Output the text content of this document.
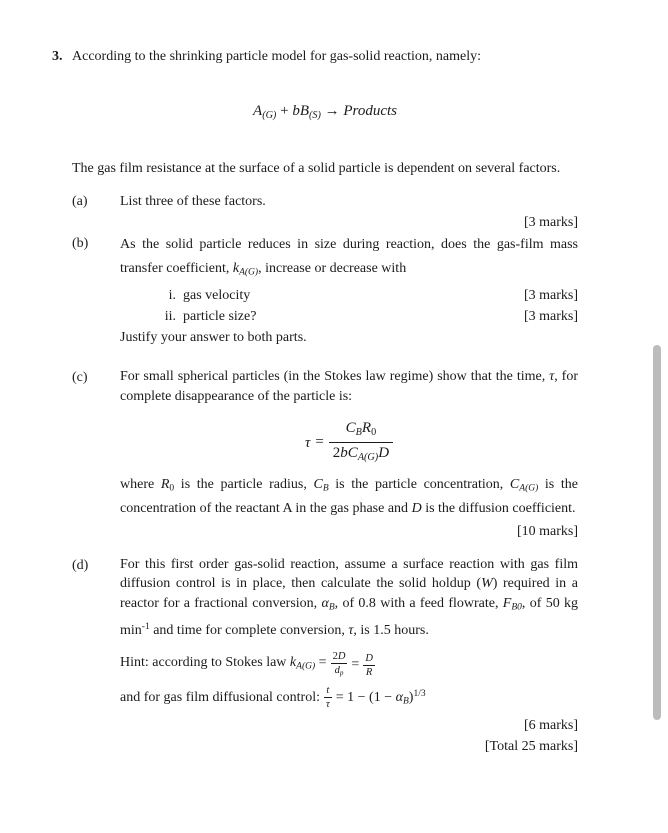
3. According to the shrinking particle model for gas-solid reaction, namely:

A(G) + bB(S) → Products

The gas film resistance at the surface of a solid particle is dependent on several factors.

(a)	List three of these factors.

[3 marks]
(b)	As the solid particle reduces in size during reaction, does the gas-film mass transfer coefficient, kA(G), increase or decrease with

i. gas velocity	[3 marks]
ii. particle size?	[3 marks]

Justify your answer to both parts.

(c)	For small spherical particles (in the Stokes law regime) show that the time, τ, for complete disappearance of the particle is:

$\tau = \frac{\text{CBR0}}{\text{2bCA(G)D}}$

where R0 is the particle radius, CB is the particle concentration, CA(G) is the concentration of the reactant A in the gas phase and D is the diffusion coefficient.

[10 marks]
(d)	For this first order gas-solid reaction, assume a surface reaction with gas film diffusion control is in place, then calculate the solid holdup (W) required in a reactor for a fractional conversion, αB, of 0.8 with a feed flowrate, FB0, of 50 kg $\min^{-1}$ and time for complete conversion, τ, is 1.5 hours.

Hint: according to Stokes law $kA(G) = \frac{2D}{dp} = \frac{D}{R}$
and for gas film diffusional control: $\frac{t}{\tau} = 1 - (1 - \alpha B)^{1/3}$
[6 marks]
[Total 25 marks]
